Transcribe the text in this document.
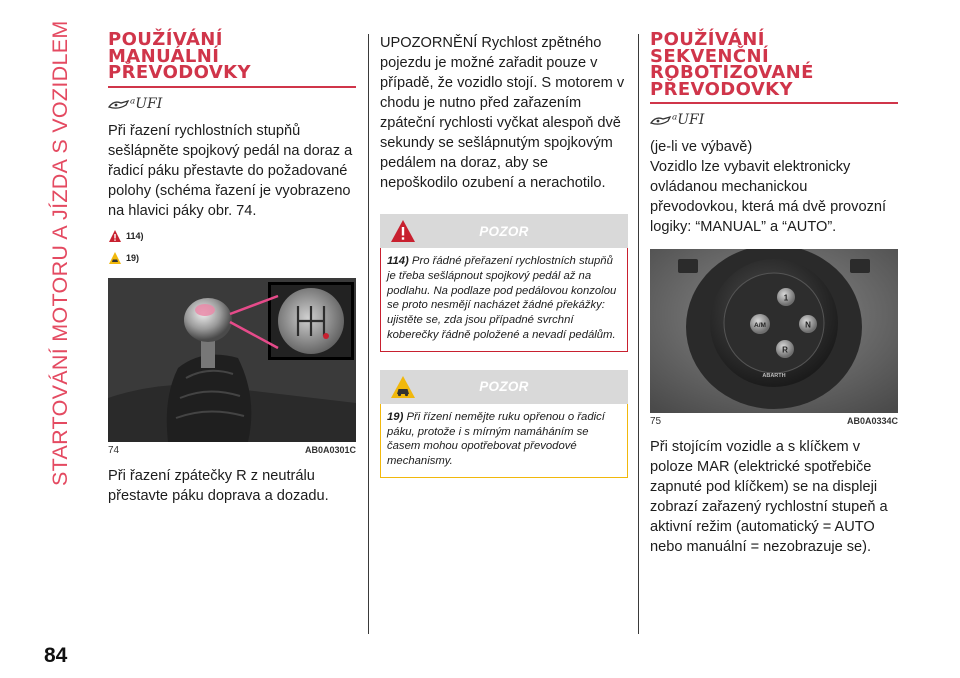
STARTOVÁNÍ MOTORU A JÍZDA S VOZIDLEM
84
POUŽÍVÁNÍ
MANUÁLNÍ
PŘEVODOVKY
ᵃUFI

Při řazení rychlostních stupňů sešlápněte spojkový pedál na doraz a řadicí páku přestavte do požadované polohy (schéma řazení je vyobrazeno na hlavici páky obr. 74.

114)
19)
74	AB0A0301C

Při řazení zpátečky R z neutrálu přestavte páku doprava a dozadu.

UPOZORNĚNÍ Rychlost zpětného pojezdu je možné zařadit pouze v případě, že vozidlo stojí. S motorem v chodu je nutno před zařazením zpáteční rychlosti vyčkat alespoň dvě sekundy se sešlápnutým spojkovým pedálem na doraz, aby se nepoškodilo ozubení a nerachotilo.

POZOR
114) Pro řádné přeřazení rychlostních stupňů je třeba sešlápnout spojkový pedál až na podlahu. Na podlaze pod pedálovou konzolou se proto nesmějí nacházet žádné překážky: ujistěte se, zda jsou případné svrchní koberečky řádně položené a nevadí pedálům.
POZOR
19) Při řízení nemějte ruku opřenou o řadicí páku, protože i s mírným namáháním se časem mohou opotřebovat převodové mechanismy.
POUŽÍVÁNÍ
SEKVENČNÍ
ROBOTIZOVANÉ
PŘEVODOVKY
ᵃUFI

(je-li ve výbavě)
Vozidlo lze vybavit elektronicky ovládanou mechanickou převodovkou, která má dvě provozní logiky: “MANUAL” a “AUTO”.

1
N
R
A/M
ABARTH
75	AB0A0334C

Při stojícím vozidle a s klíčkem v poloze MAR (elektrické spotřebiče zapnuté pod klíčkem) se na displeji zobrazí zařazený rychlostní stupeň a aktivní režim (automatický = AUTO nebo manuální = nezobrazuje se).
